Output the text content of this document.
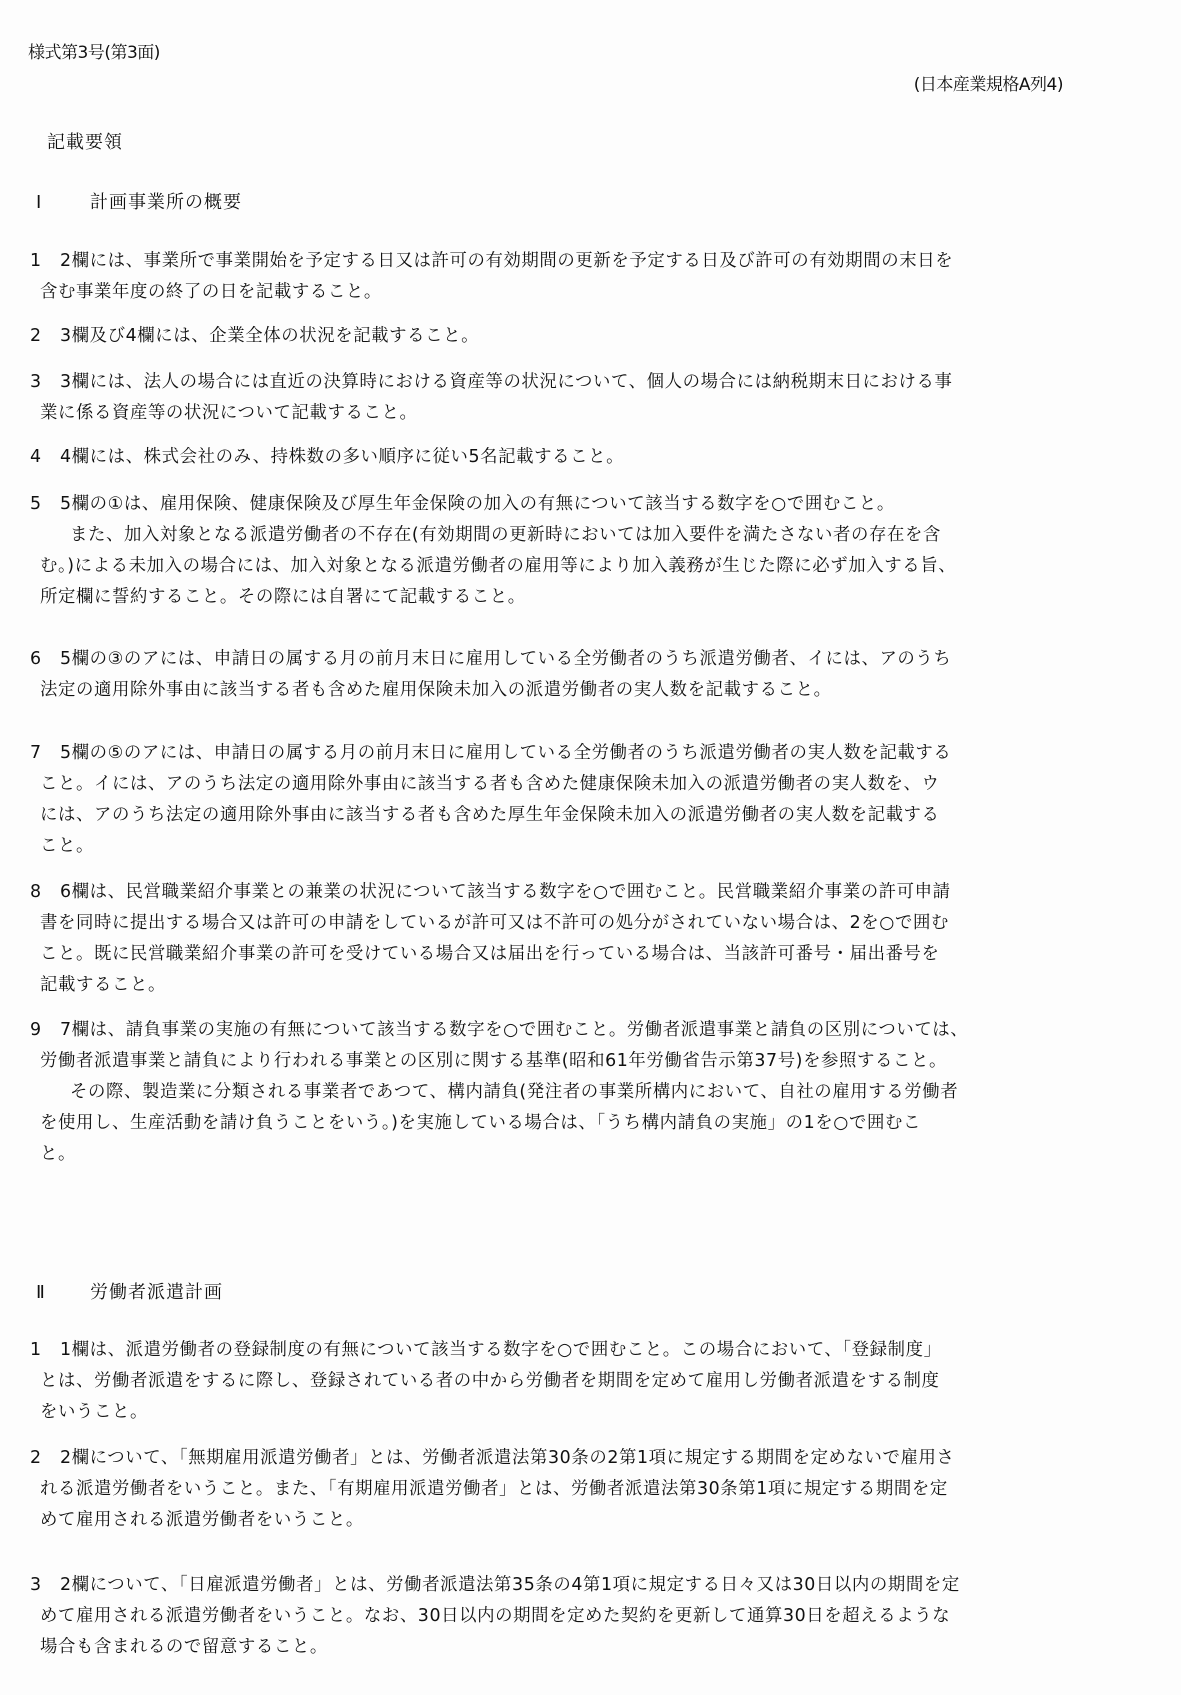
様式第3号(第3面)
(日本産業規格A列4)
記載要領
Ⅰ	計画事業所の概要
1 2欄には、事業所で事業開始を予定する日又は許可の有効期間の更新を予定する日及び許可の有効期間の末日を
含む事業年度の終了の日を記載すること。
2 3欄及び4欄には、企業全体の状況を記載すること。
3 3欄には、法人の場合には直近の決算時における資産等の状況について、個人の場合には納税期末日における事
業に係る資産等の状況について記載すること。
4 4欄には、株式会社のみ、持株数の多い順序に従い5名記載すること。
5 5欄の①は、雇用保険、健康保険及び厚生年金保険の加入の有無について該当する数字を○で囲むこと。
また、加入対象となる派遣労働者の不存在(有効期間の更新時においては加入要件を満たさない者の存在を含
む。)による未加入の場合には、加入対象となる派遣労働者の雇用等により加入義務が生じた際に必ず加入する旨、
所定欄に誓約すること。その際には自署にて記載すること。
6 5欄の③のアには、申請日の属する月の前月末日に雇用している全労働者のうち派遣労働者、イには、アのうち
法定の適用除外事由に該当する者も含めた雇用保険未加入の派遣労働者の実人数を記載すること。
7 5欄の⑤のアには、申請日の属する月の前月末日に雇用している全労働者のうち派遣労働者の実人数を記載する
こと。イには、アのうち法定の適用除外事由に該当する者も含めた健康保険未加入の派遣労働者の実人数を、ウ
には、アのうち法定の適用除外事由に該当する者も含めた厚生年金保険未加入の派遣労働者の実人数を記載する
こと。
8 6欄は、民営職業紹介事業との兼業の状況について該当する数字を○で囲むこと。民営職業紹介事業の許可申請
書を同時に提出する場合又は許可の申請をしているが許可又は不許可の処分がされていない場合は、2を○で囲む
こと。既に民営職業紹介事業の許可を受けている場合又は届出を行っている場合は、当該許可番号・届出番号を
記載すること。
9 7欄は、請負事業の実施の有無について該当する数字を○で囲むこと。労働者派遣事業と請負の区別については、
労働者派遣事業と請負により行われる事業との区別に関する基準(昭和61年労働省告示第37号)を参照すること。
その際、製造業に分類される事業者であつて、構内請負(発注者の事業所構内において、自社の雇用する労働者
を使用し、生産活動を請け負うことをいう。)を実施している場合は、「うち構内請負の実施」の1を○で囲むこ
と。
Ⅱ 労働者派遣計画
1 1欄は、派遣労働者の登録制度の有無について該当する数字を○で囲むこと。この場合において、「登録制度」
とは、労働者派遣をするに際し、登録されている者の中から労働者を期間を定めて雇用し労働者派遣をする制度
をいうこと。
2 2欄について、「無期雇用派遣労働者」とは、労働者派遣法第30条の2第1項に規定する期間を定めないで雇用さ
れる派遣労働者をいうこと。また、「有期雇用派遣労働者」とは、労働者派遣法第30条第1項に規定する期間を定
めて雇用される派遣労働者をいうこと。
3 2欄について、「日雇派遣労働者」とは、労働者派遣法第35条の4第1項に規定する日々又は30日以内の期間を定
めて雇用される派遣労働者をいうこと。なお、30日以内の期間を定めた契約を更新して通算30日を超えるような
場合も含まれるので留意すること。
